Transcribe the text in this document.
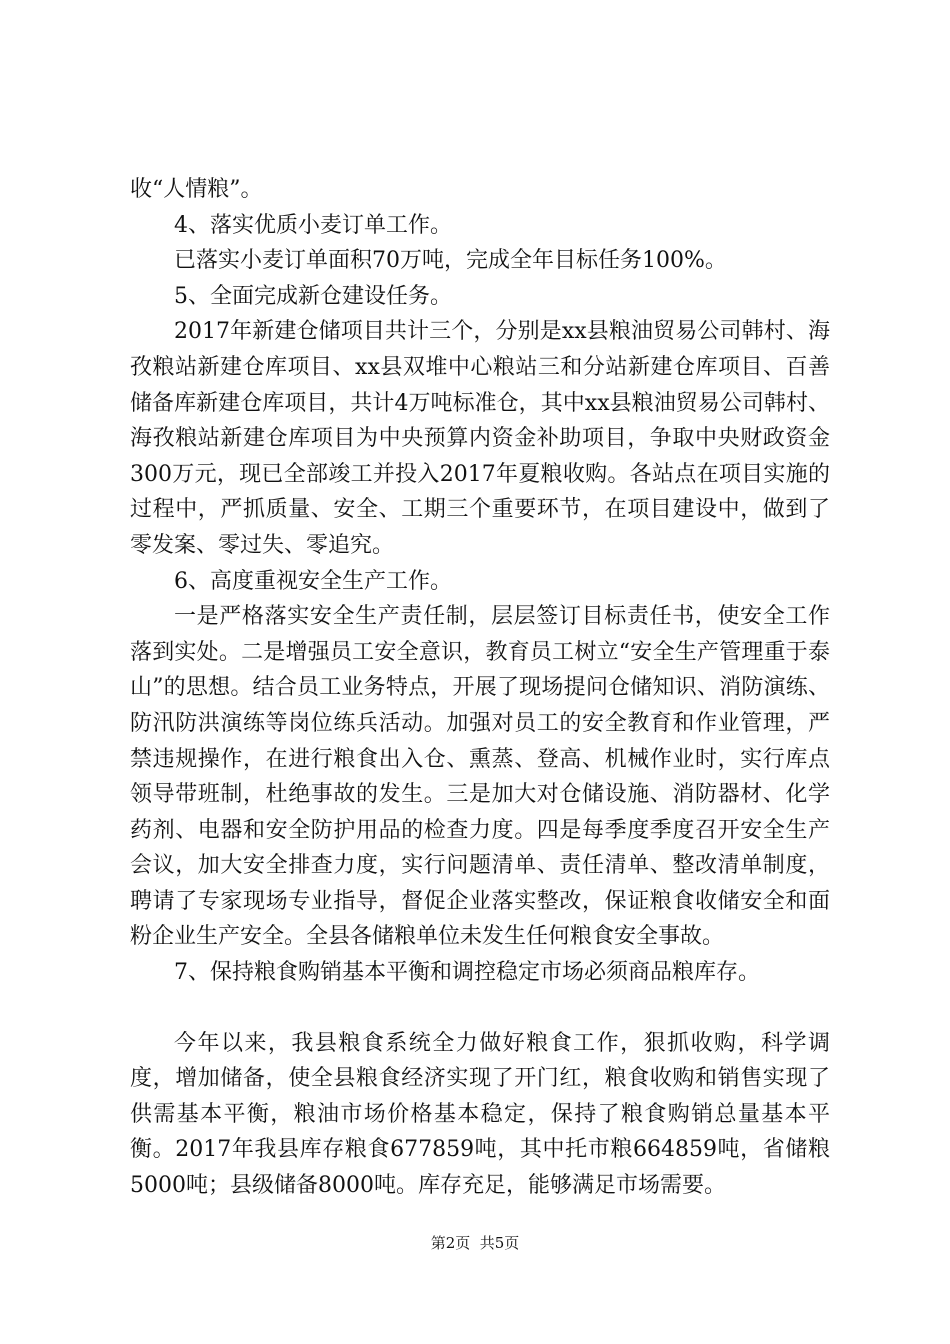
收“人情粮”。

4、落实优质小麦订单工作。

已落实小麦订单面积70万吨，完成全年目标任务100%。

5、全面完成新仓建设任务。

2017年新建仓储项目共计三个，分别是xx县粮油贸易公司韩村、海孜粮站新建仓库项目、xx县双堆中心粮站三和分站新建仓库项目、百善储备库新建仓库项目，共计4万吨标准仓，其中xx县粮油贸易公司韩村、海孜粮站新建仓库项目为中央预算内资金补助项目，争取中央财政资金300万元，现已全部竣工并投入2017年夏粮收购。各站点在项目实施的过程中，严抓质量、安全、工期三个重要环节，在项目建设中，做到了零发案、零过失、零追究。

6、高度重视安全生产工作。

一是严格落实安全生产责任制，层层签订目标责任书，使安全工作落到实处。二是增强员工安全意识，教育员工树立“安全生产管理重于泰山”的思想。结合员工业务特点，开展了现场提问仓储知识、消防演练、防汛防洪演练等岗位练兵活动。加强对员工的安全教育和作业管理，严禁违规操作，在进行粮食出入仓、熏蒸、登高、机械作业时，实行库点领导带班制，杜绝事故的发生。三是加大对仓储设施、消防器材、化学药剂、电器和安全防护用品的检查力度。四是每季度季度召开安全生产会议，加大安全排查力度，实行问题清单、责任清单、整改清单制度，聘请了专家现场专业指导，督促企业落实整改，保证粮食收储安全和面粉企业生产安全。全县各储粮单位未发生任何粮食安全事故。

7、保持粮食购销基本平衡和调控稳定市场必须商品粮库存。

今年以来，我县粮食系统全力做好粮食工作，狠抓收购，科学调度，增加储备，使全县粮食经济实现了开门红，粮食收购和销售实现了供需基本平衡，粮油市场价格基本稳定，保持了粮食购销总量基本平衡。2017年我县库存粮食677859吨，其中托市粮664859吨，省储粮5000吨；县级储备8000吨。库存充足，能够满足市场需要。

第2页  共5页
